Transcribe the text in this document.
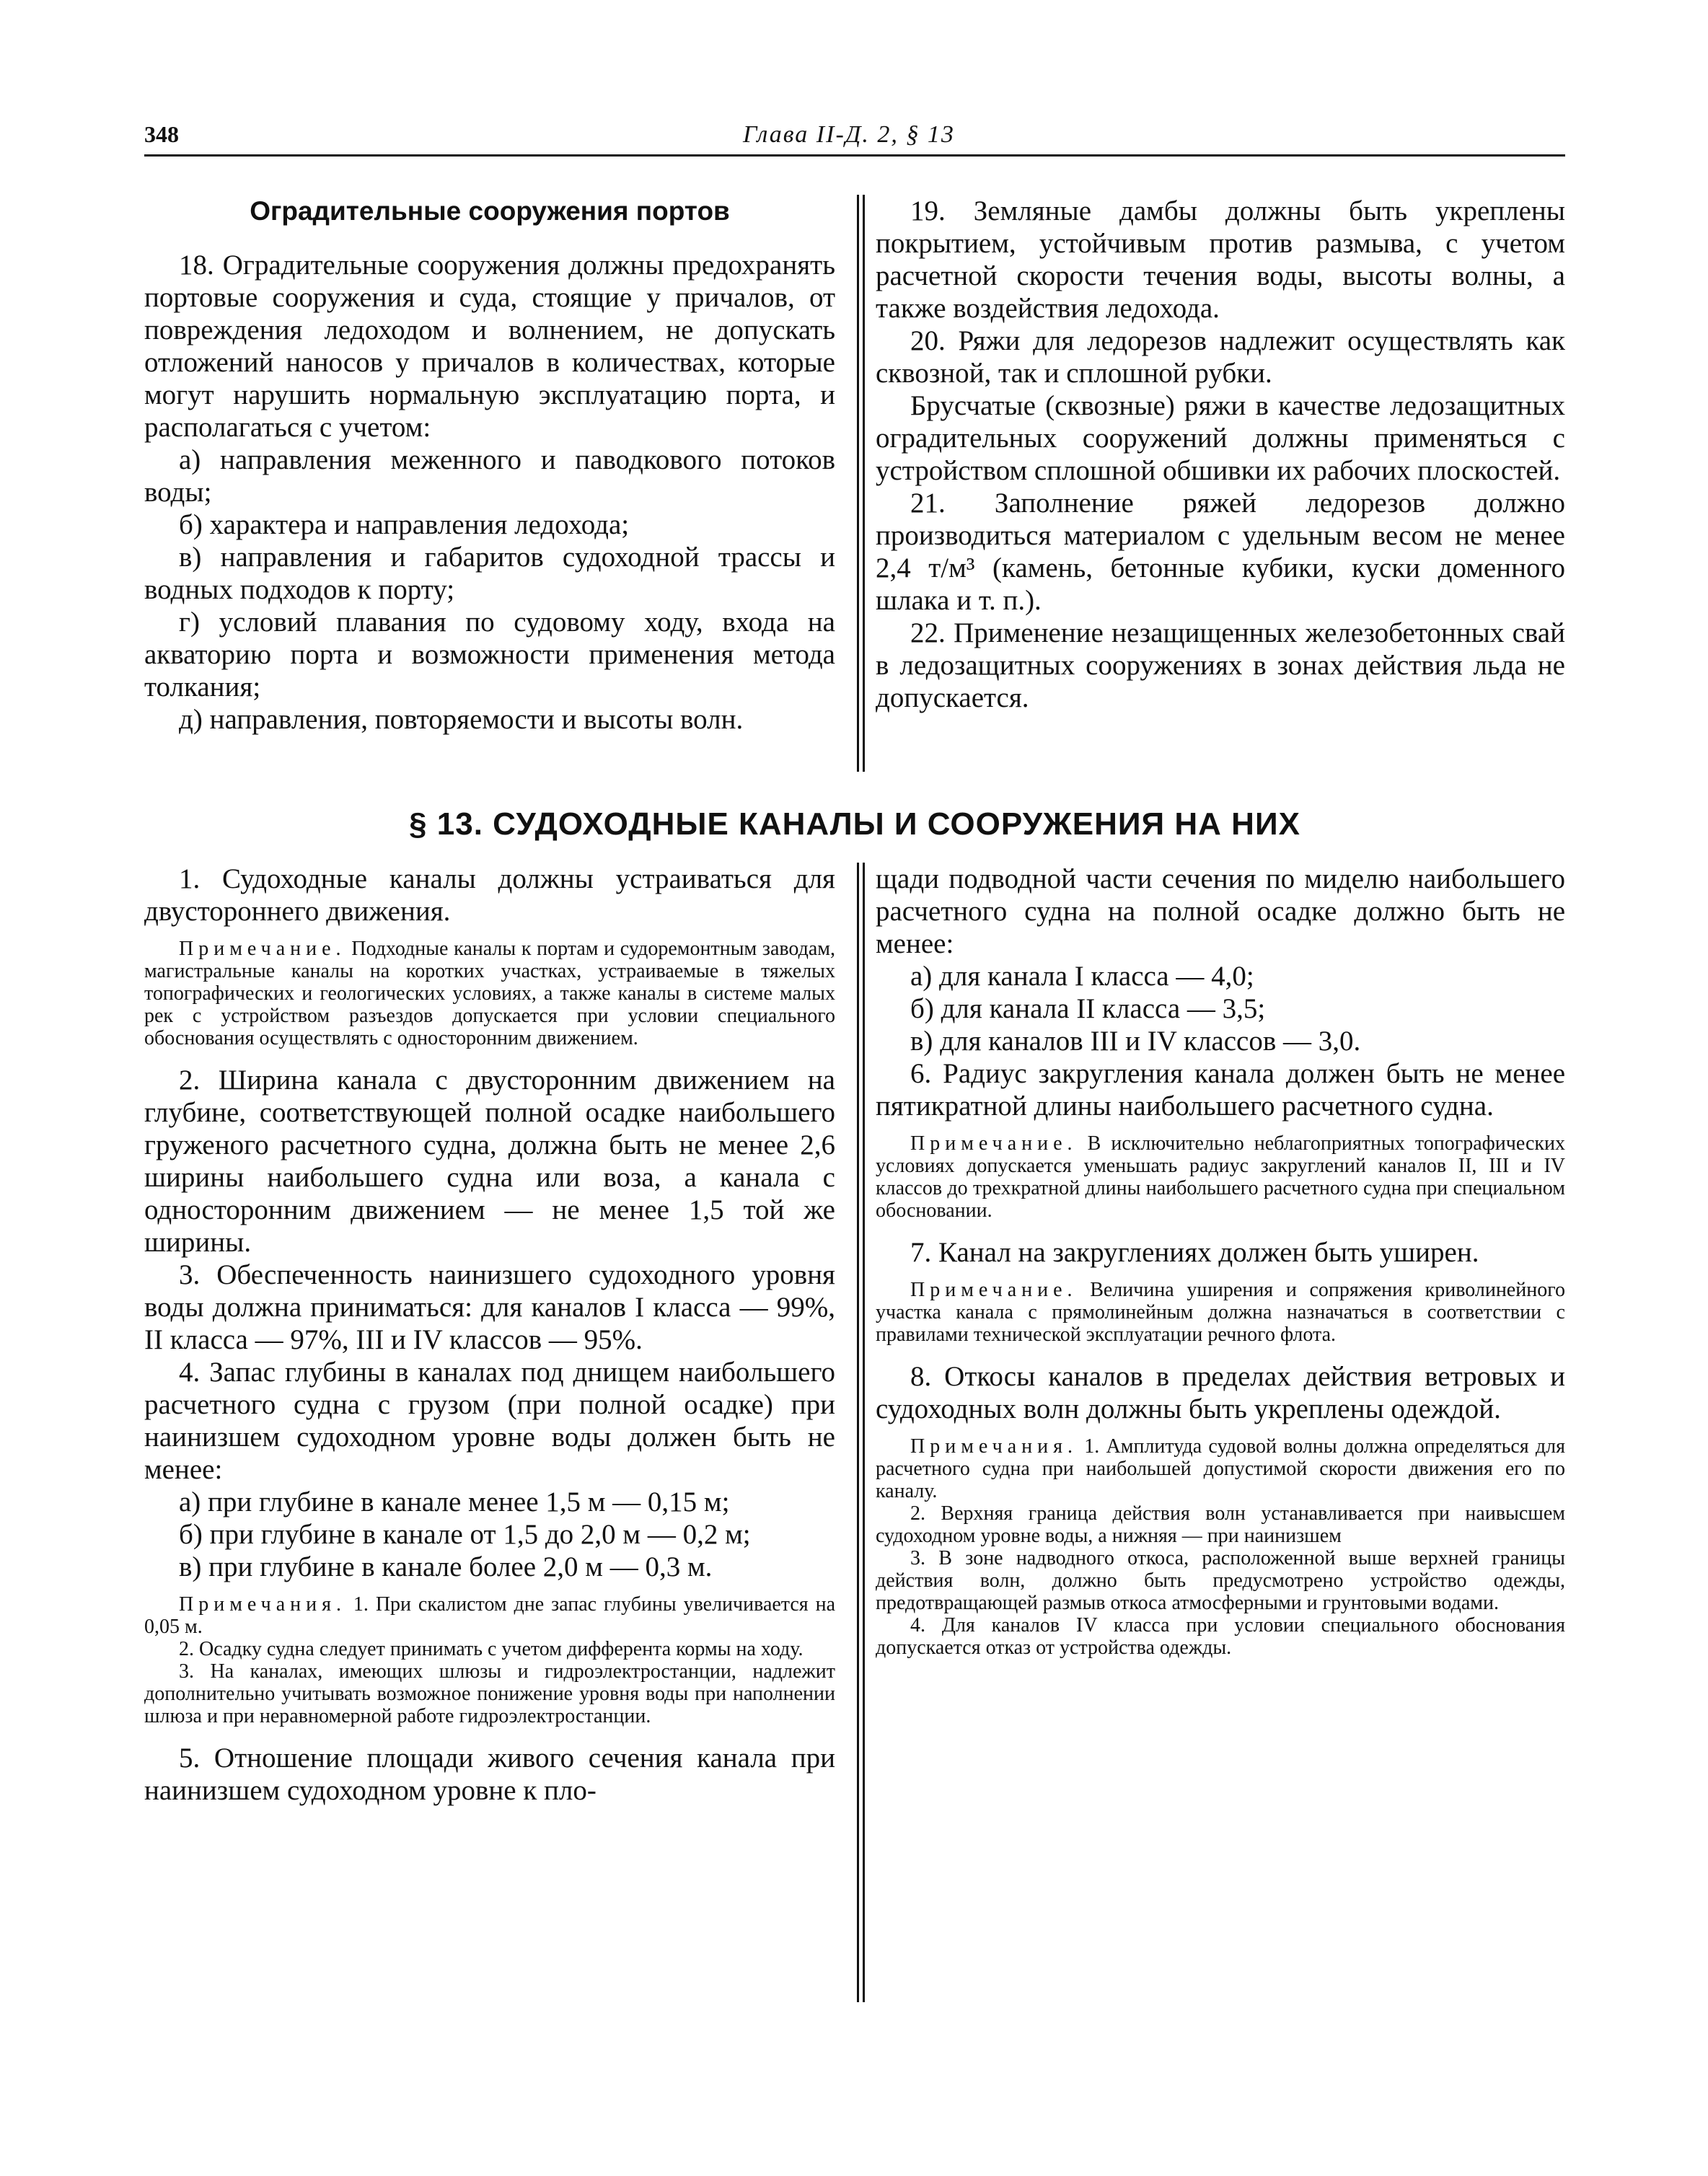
348	Глава II-Д. 2, § 13

Оградительные сооружения портов

18. Оградительные сооружения должны предохранять портовые сооружения и суда, стоящие у причалов, от повреждения ледоходом и волнением, не допускать отложений наносов у причалов в количествах, которые могут нарушить нормальную эксплуатацию порта, и располагаться с учетом:

а) направления меженного и паводкового потоков воды;

б) характера и направления ледохода;

в) направления и габаритов судоходной трассы и водных подходов к порту;

г) условий плавания по судовому ходу, входа на акваторию порта и возможности применения метода толкания;

д) направления, повторяемости и высоты волн.

19. Земляные дамбы должны быть укреплены покрытием, устойчивым против размыва, с учетом расчетной скорости течения воды, высоты волны, а также воздействия ледохода.

20. Ряжи для ледорезов надлежит осуществлять как сквозной, так и сплошной рубки.

Брусчатые (сквозные) ряжи в качестве ледозащитных оградительных сооружений должны применяться с устройством сплошной обшивки их рабочих плоскостей.

21. Заполнение ряжей ледорезов должно производиться материалом с удельным весом не менее 2,4 т/м³ (камень, бетонные кубики, куски доменного шлака и т. п.).

22. Применение незащищенных железобетонных свай в ледозащитных сооружениях в зонах действия льда не допускается.

§ 13. СУДОХОДНЫЕ КАНАЛЫ И СООРУЖЕНИЯ НА НИХ

1. Судоходные каналы должны устраиваться для двустороннего движения.

Примечание. Подходные каналы к портам и судоремонтным заводам, магистральные каналы на коротких участках, устраиваемые в тяжелых топографических и геологических условиях, а также каналы в системе малых рек с устройством разъездов допускается при условии специального обоснования осуществлять с односторонним движением.

2. Ширина канала с двусторонним движением на глубине, соответствующей полной осадке наибольшего груженого расчетного судна, должна быть не менее 2,6 ширины наибольшего судна или воза, а канала с односторонним движением — не менее 1,5 той же ширины.

3. Обеспеченность наинизшего судоходного уровня воды должна приниматься: для каналов I класса — 99%, II класса — 97%, III и IV классов — 95%.

4. Запас глубины в каналах под днищем наибольшего расчетного судна с грузом (при полной осадке) при наинизшем судоходном уровне воды должен быть не менее:

а) при глубине в канале менее 1,5 м — 0,15 м;

б) при глубине в канале от 1,5 до 2,0 м — 0,2 м;

в) при глубине в канале более 2,0 м — 0,3 м.

Примечания. 1. При скалистом дне запас глубины увеличивается на 0,05 м.

2. Осадку судна следует принимать с учетом дифферента кормы на ходу.

3. На каналах, имеющих шлюзы и гидроэлектростанции, надлежит дополнительно учитывать возможное понижение уровня воды при наполнении шлюза и при неравномерной работе гидроэлектростанции.

5. Отношение площади живого сечения канала при наинизшем судоходном уровне к пло-

щади подводной части сечения по миделю наибольшего расчетного судна на полной осадке должно быть не менее:

а) для канала I класса — 4,0;

б) для канала II класса — 3,5;

в) для каналов III и IV классов — 3,0.

6. Радиус закругления канала должен быть не менее пятикратной длины наибольшего расчетного судна.

Примечание. В исключительно неблагоприятных топографических условиях допускается уменьшать радиус закруглений каналов II, III и IV классов до трехкратной длины наибольшего расчетного судна при специальном обосновании.

7. Канал на закруглениях должен быть уширен.

Примечание. Величина уширения и сопряжения криволинейного участка канала с прямолинейным должна назначаться в соответствии с правилами технической эксплуатации речного флота.

8. Откосы каналов в пределах действия ветровых и судоходных волн должны быть укреплены одеждой.

Примечания. 1. Амплитуда судовой волны должна определяться для расчетного судна при наибольшей допустимой скорости движения его по каналу.

2. Верхняя граница действия волн устанавливается при наивысшем судоходном уровне воды, а нижняя — при наинизшем

3. В зоне надводного откоса, расположенной выше верхней границы действия волн, должно быть предусмотрено устройство одежды, предотвращающей размыв откоса атмосферными и грунтовыми водами.

4. Для каналов IV класса при условии специального обоснования допускается отказ от устройства одежды.
